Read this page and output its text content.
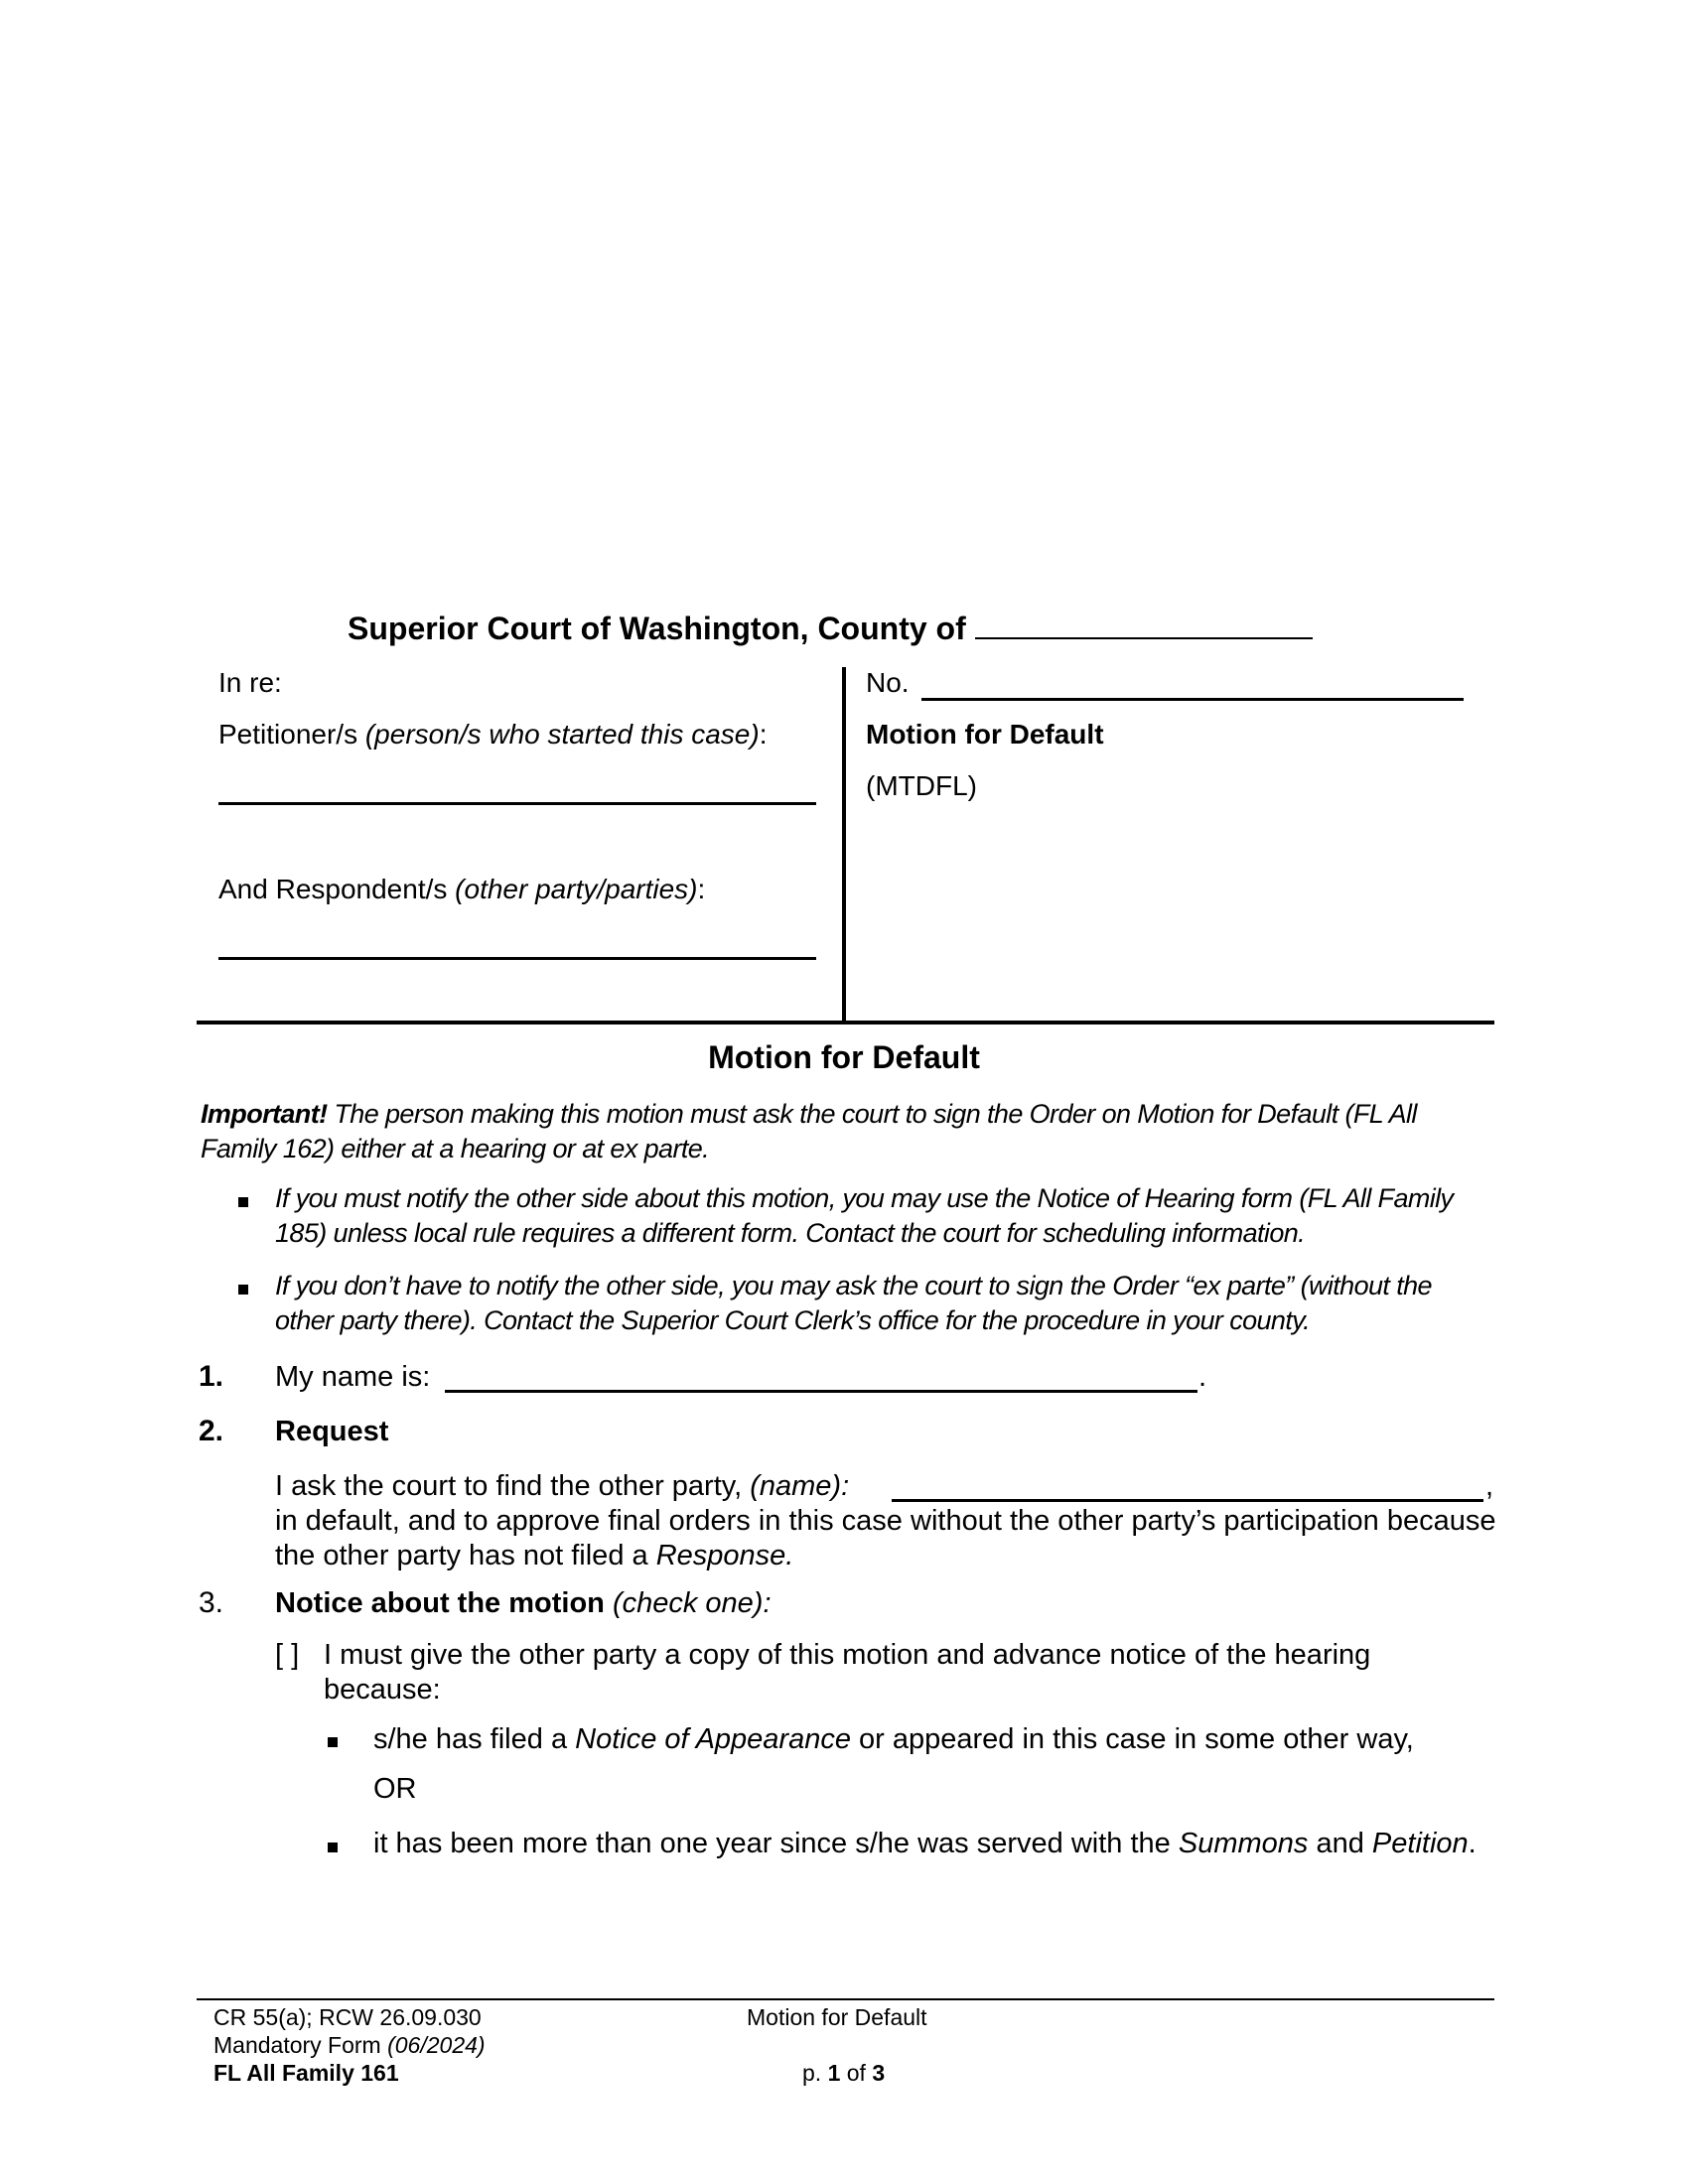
Superior Court of Washington, County of
In re:
Petitioner/s (person/s who started this case):
And Respondent/s (other party/parties):
No.
Motion for Default
(MTDFL)
Motion for Default
Important! The person making this motion must ask the court to sign the Order on Motion for Default (FL All Family 162) either at a hearing or at ex parte.
If you must notify the other side about this motion, you may use the Notice of Hearing form (FL All Family 185) unless local rule requires a different form. Contact the court for scheduling information.
If you don’t have to notify the other side, you may ask the court to sign the Order “ex parte” (without the other party there). Contact the Superior Court Clerk’s office for the procedure in your county.
1. My name is:	.
2. Request
I ask the court to find the other party, (name):	,
in default, and to approve final orders in this case without the other party’s participation because the other party has not filed a Response.
3. Notice about the motion (check one):
[ ] I must give the other party a copy of this motion and advance notice of the hearing because:
s/he has filed a Notice of Appearance or appeared in this case in some other way,
OR
it has been more than one year since s/he was served with the Summons and Petition.
CR 55(a); RCW 26.09.030
Mandatory Form (06/2024)
FL All Family 161
Motion for Default
p. 1 of 3
